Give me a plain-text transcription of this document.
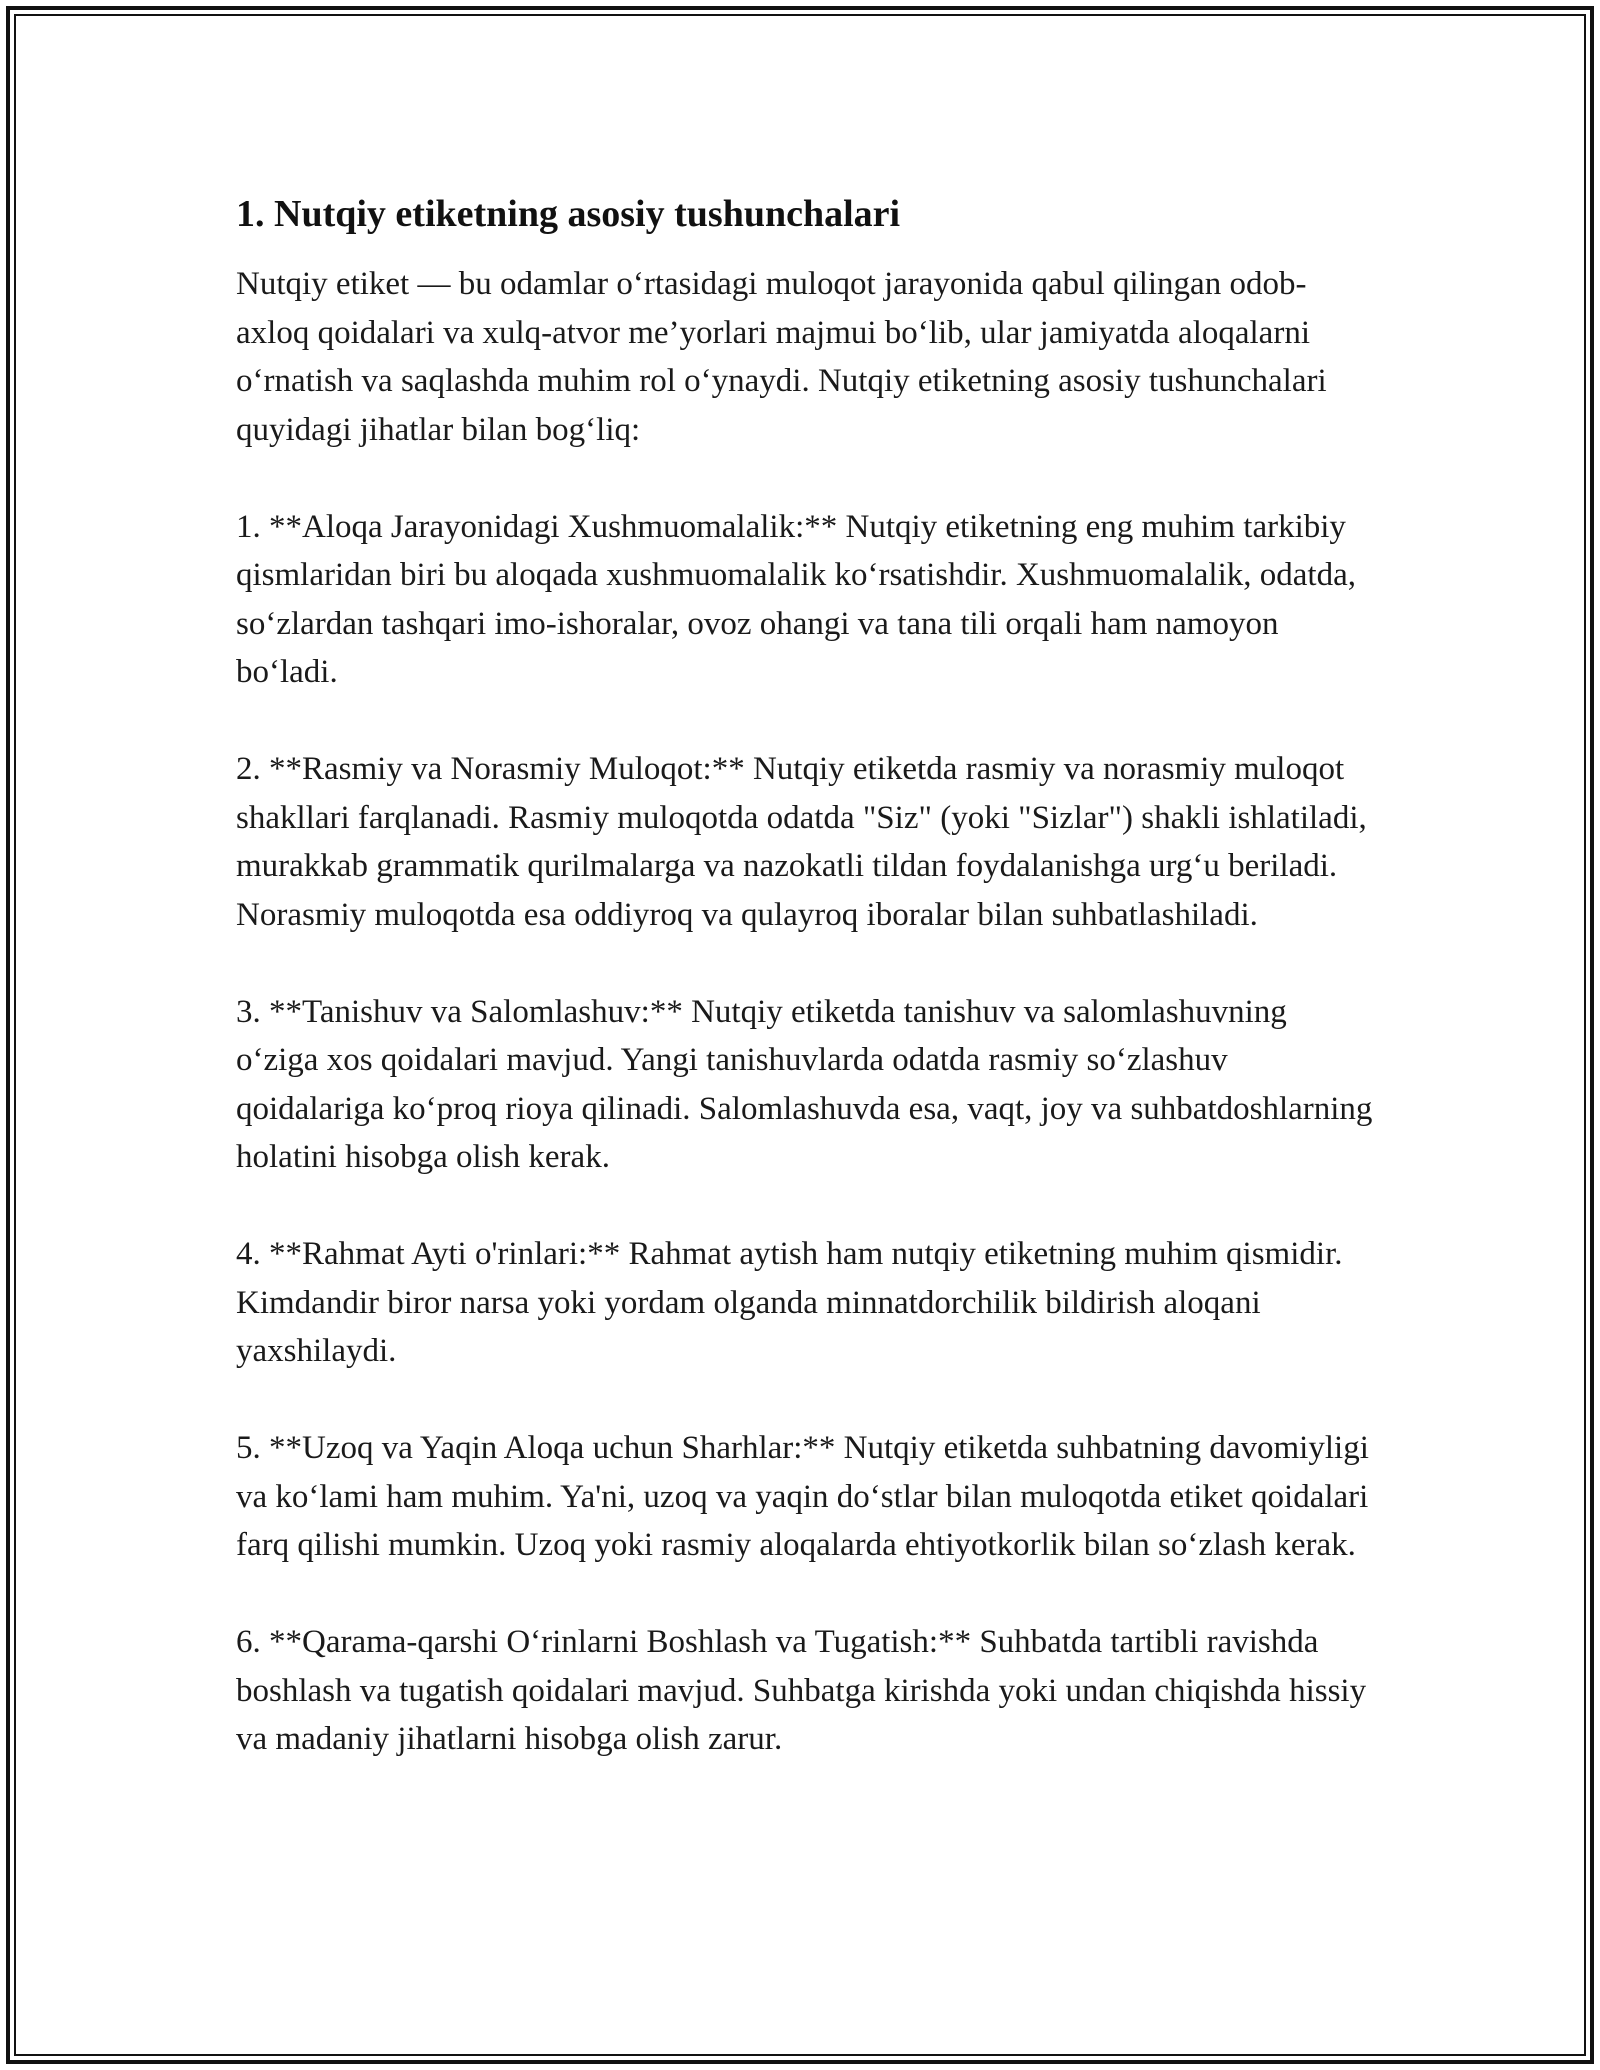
1. Nutqiy etiketning asosiy tushunchalari

Nutqiy etiket — bu odamlar o‘rtasidagi muloqot jarayonida qabul qilingan odob-axloq qoidalari va xulq-atvor me’yorlari majmui bo‘lib, ular jamiyatda aloqalarni o‘rnatish va saqlashda muhim rol o‘ynaydi. Nutqiy etiketning asosiy tushunchalari quyidagi jihatlar bilan bog‘liq:

1. **Aloqa Jarayonidagi Xushmuomalalik:** Nutqiy etiketning eng muhim tarkibiy qismlaridan biri bu aloqada xushmuomalalik ko‘rsatishdir. Xushmuomalalik, odatda, so‘zlardan tashqari imo-ishoralar, ovoz ohangi va tana tili orqali ham namoyon bo‘ladi.

2. **Rasmiy va Norasmiy Muloqot:** Nutqiy etiketda rasmiy va norasmiy muloqot shakllari farqlanadi. Rasmiy muloqotda odatda "Siz" (yoki "Sizlar") shakli ishlatiladi, murakkab grammatik qurilmalarga va nazokatli tildan foydalanishga urg‘u beriladi. Norasmiy muloqotda esa oddiyroq va qulayroq iboralar bilan suhbatlashiladi.

3. **Tanishuv va Salomlashuv:** Nutqiy etiketda tanishuv va salomlashuvning o‘ziga xos qoidalari mavjud. Yangi tanishuvlarda odatda rasmiy so‘zlashuv qoidalariga ko‘proq rioya qilinadi. Salomlashuvda esa, vaqt, joy va suhbatdoshlarning holatini hisobga olish kerak.

4. **Rahmat Ayti o'rinlari:** Rahmat aytish ham nutqiy etiketning muhim qismidir. Kimdandir biror narsa yoki yordam olganda minnatdorchilik bildirish aloqani yaxshilaydi.

5. **Uzoq va Yaqin Aloqa uchun Sharhlar:** Nutqiy etiketda suhbatning davomiyligi va ko‘lami ham muhim. Ya'ni, uzoq va yaqin do‘stlar bilan muloqotda etiket qoidalari farq qilishi mumkin. Uzoq yoki rasmiy aloqalarda ehtiyotkorlik bilan so‘zlash kerak.

6. **Qarama-qarshi O‘rinlarni Boshlash va Tugatish:** Suhbatda tartibli ravishda boshlash va tugatish qoidalari mavjud. Suhbatga kirishda yoki undan chiqishda hissiy va madaniy jihatlarni hisobga olish zarur.
